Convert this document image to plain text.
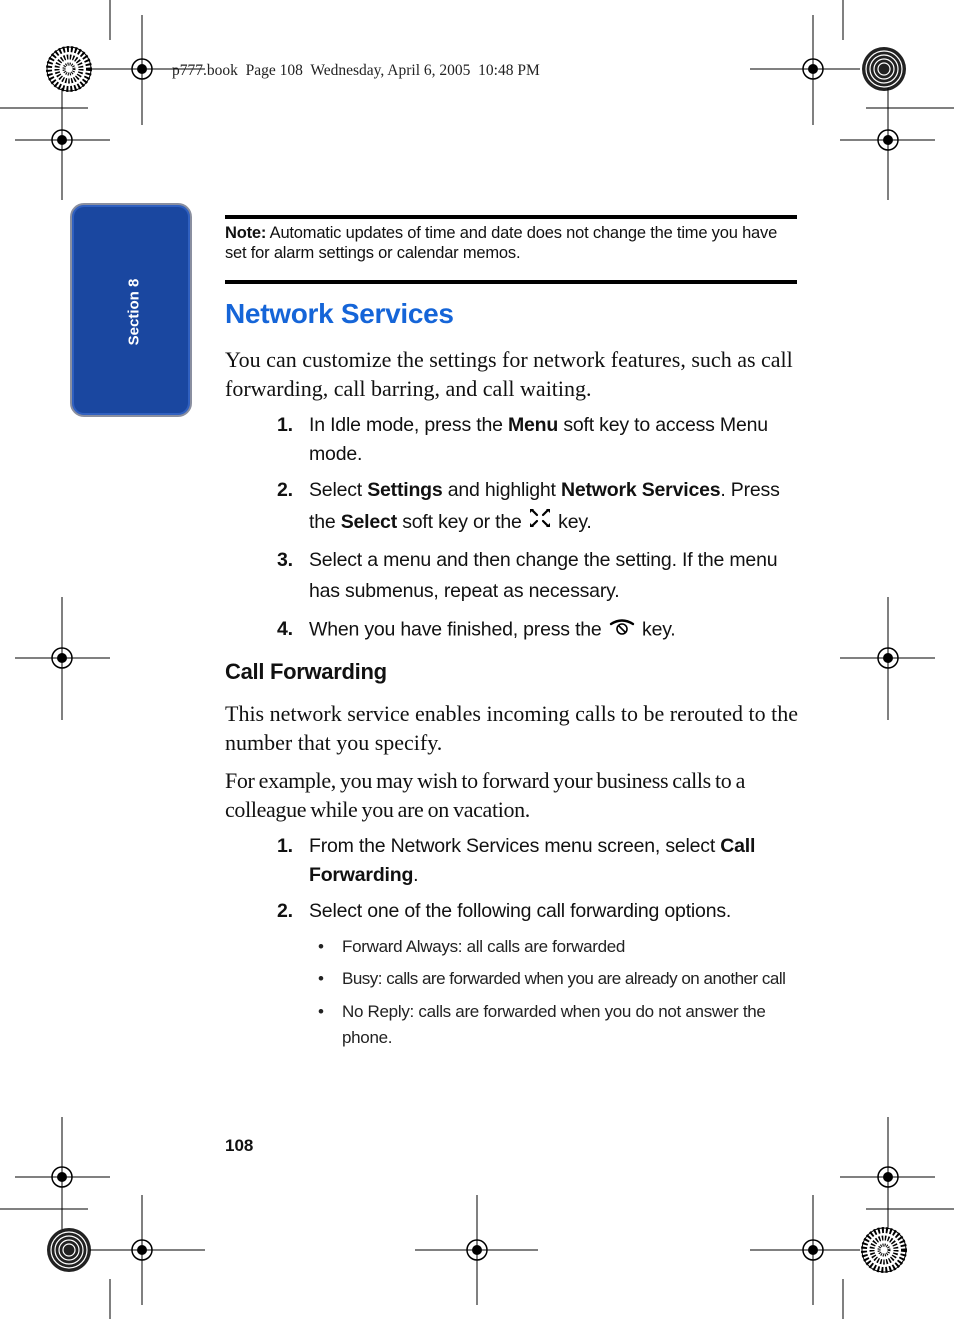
p777.book  Page 108  Wednesday, April 6, 2005  10:48 PM
Section 8
Note: Automatic updates of time and date does not change the time you have set for alarm settings or calendar memos.
Network Services
You can customize the settings for network features, such as call forwarding, call barring, and call waiting.
1. In Idle mode, press the Menu soft key to access Menu mode.
2. Select Settings and highlight Network Services. Press the Select soft key or the  key.
3. Select a menu and then change the setting. If the menu has submenus, repeat as necessary.
4. When you have finished, press the  key.
Call Forwarding
This network service enables incoming calls to be rerouted to the number that you specify.
For example, you may wish to forward your business calls to a colleague while you are on vacation.
1. From the Network Services menu screen, select Call Forwarding.
2. Select one of the following call forwarding options.
• Forward Always: all calls are forwarded
• Busy: calls are forwarded when you are already on another call
• No Reply: calls are forwarded when you do not answer the phone.
108
